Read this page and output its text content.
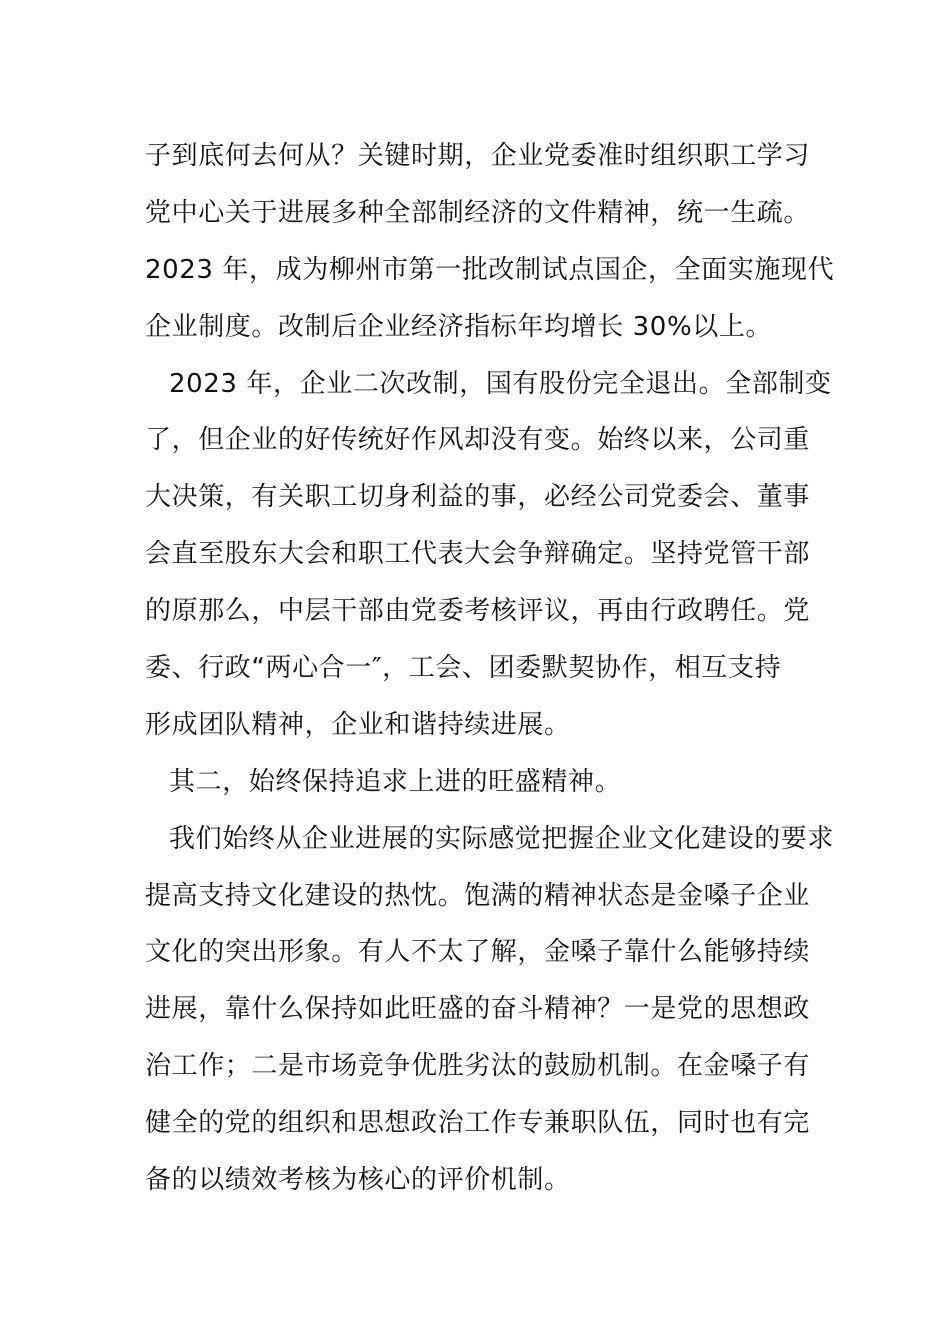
子到底何去何从？关键时期，企业党委准时组织职工学习
党中心关于进展多种全部制经济的文件精神，统一生疏。
2023 年，成为柳州市第一批改制试点国企，全面实施现代
企业制度。改制后企业经济指标年均增长 30%以上。
2023 年，企业二次改制，国有股份完全退出。全部制变
了，但企业的好传统好作风却没有变。始终以来，公司重
大决策，有关职工切身利益的事，必经公司党委会、董事
会直至股东大会和职工代表大会争辩确定。坚持党管干部
的原那么，中层干部由党委考核评议，再由行政聘任。党
委、行政“两心合一″，工会、团委默契协作，相互支持
形成团队精神，企业和谐持续进展。
其二，始终保持追求上进的旺盛精神。
我们始终从企业进展的实际感觉把握企业文化建设的要求
提高支持文化建设的热忱。饱满的精神状态是金嗓子企业
文化的突出形象。有人不太了解，金嗓子靠什么能够持续
进展，靠什么保持如此旺盛的奋斗精神？一是党的思想政
治工作；二是市场竞争优胜劣汰的鼓励机制。在金嗓子有
健全的党的组织和思想政治工作专兼职队伍，同时也有完
备的以绩效考核为核心的评价机制。
